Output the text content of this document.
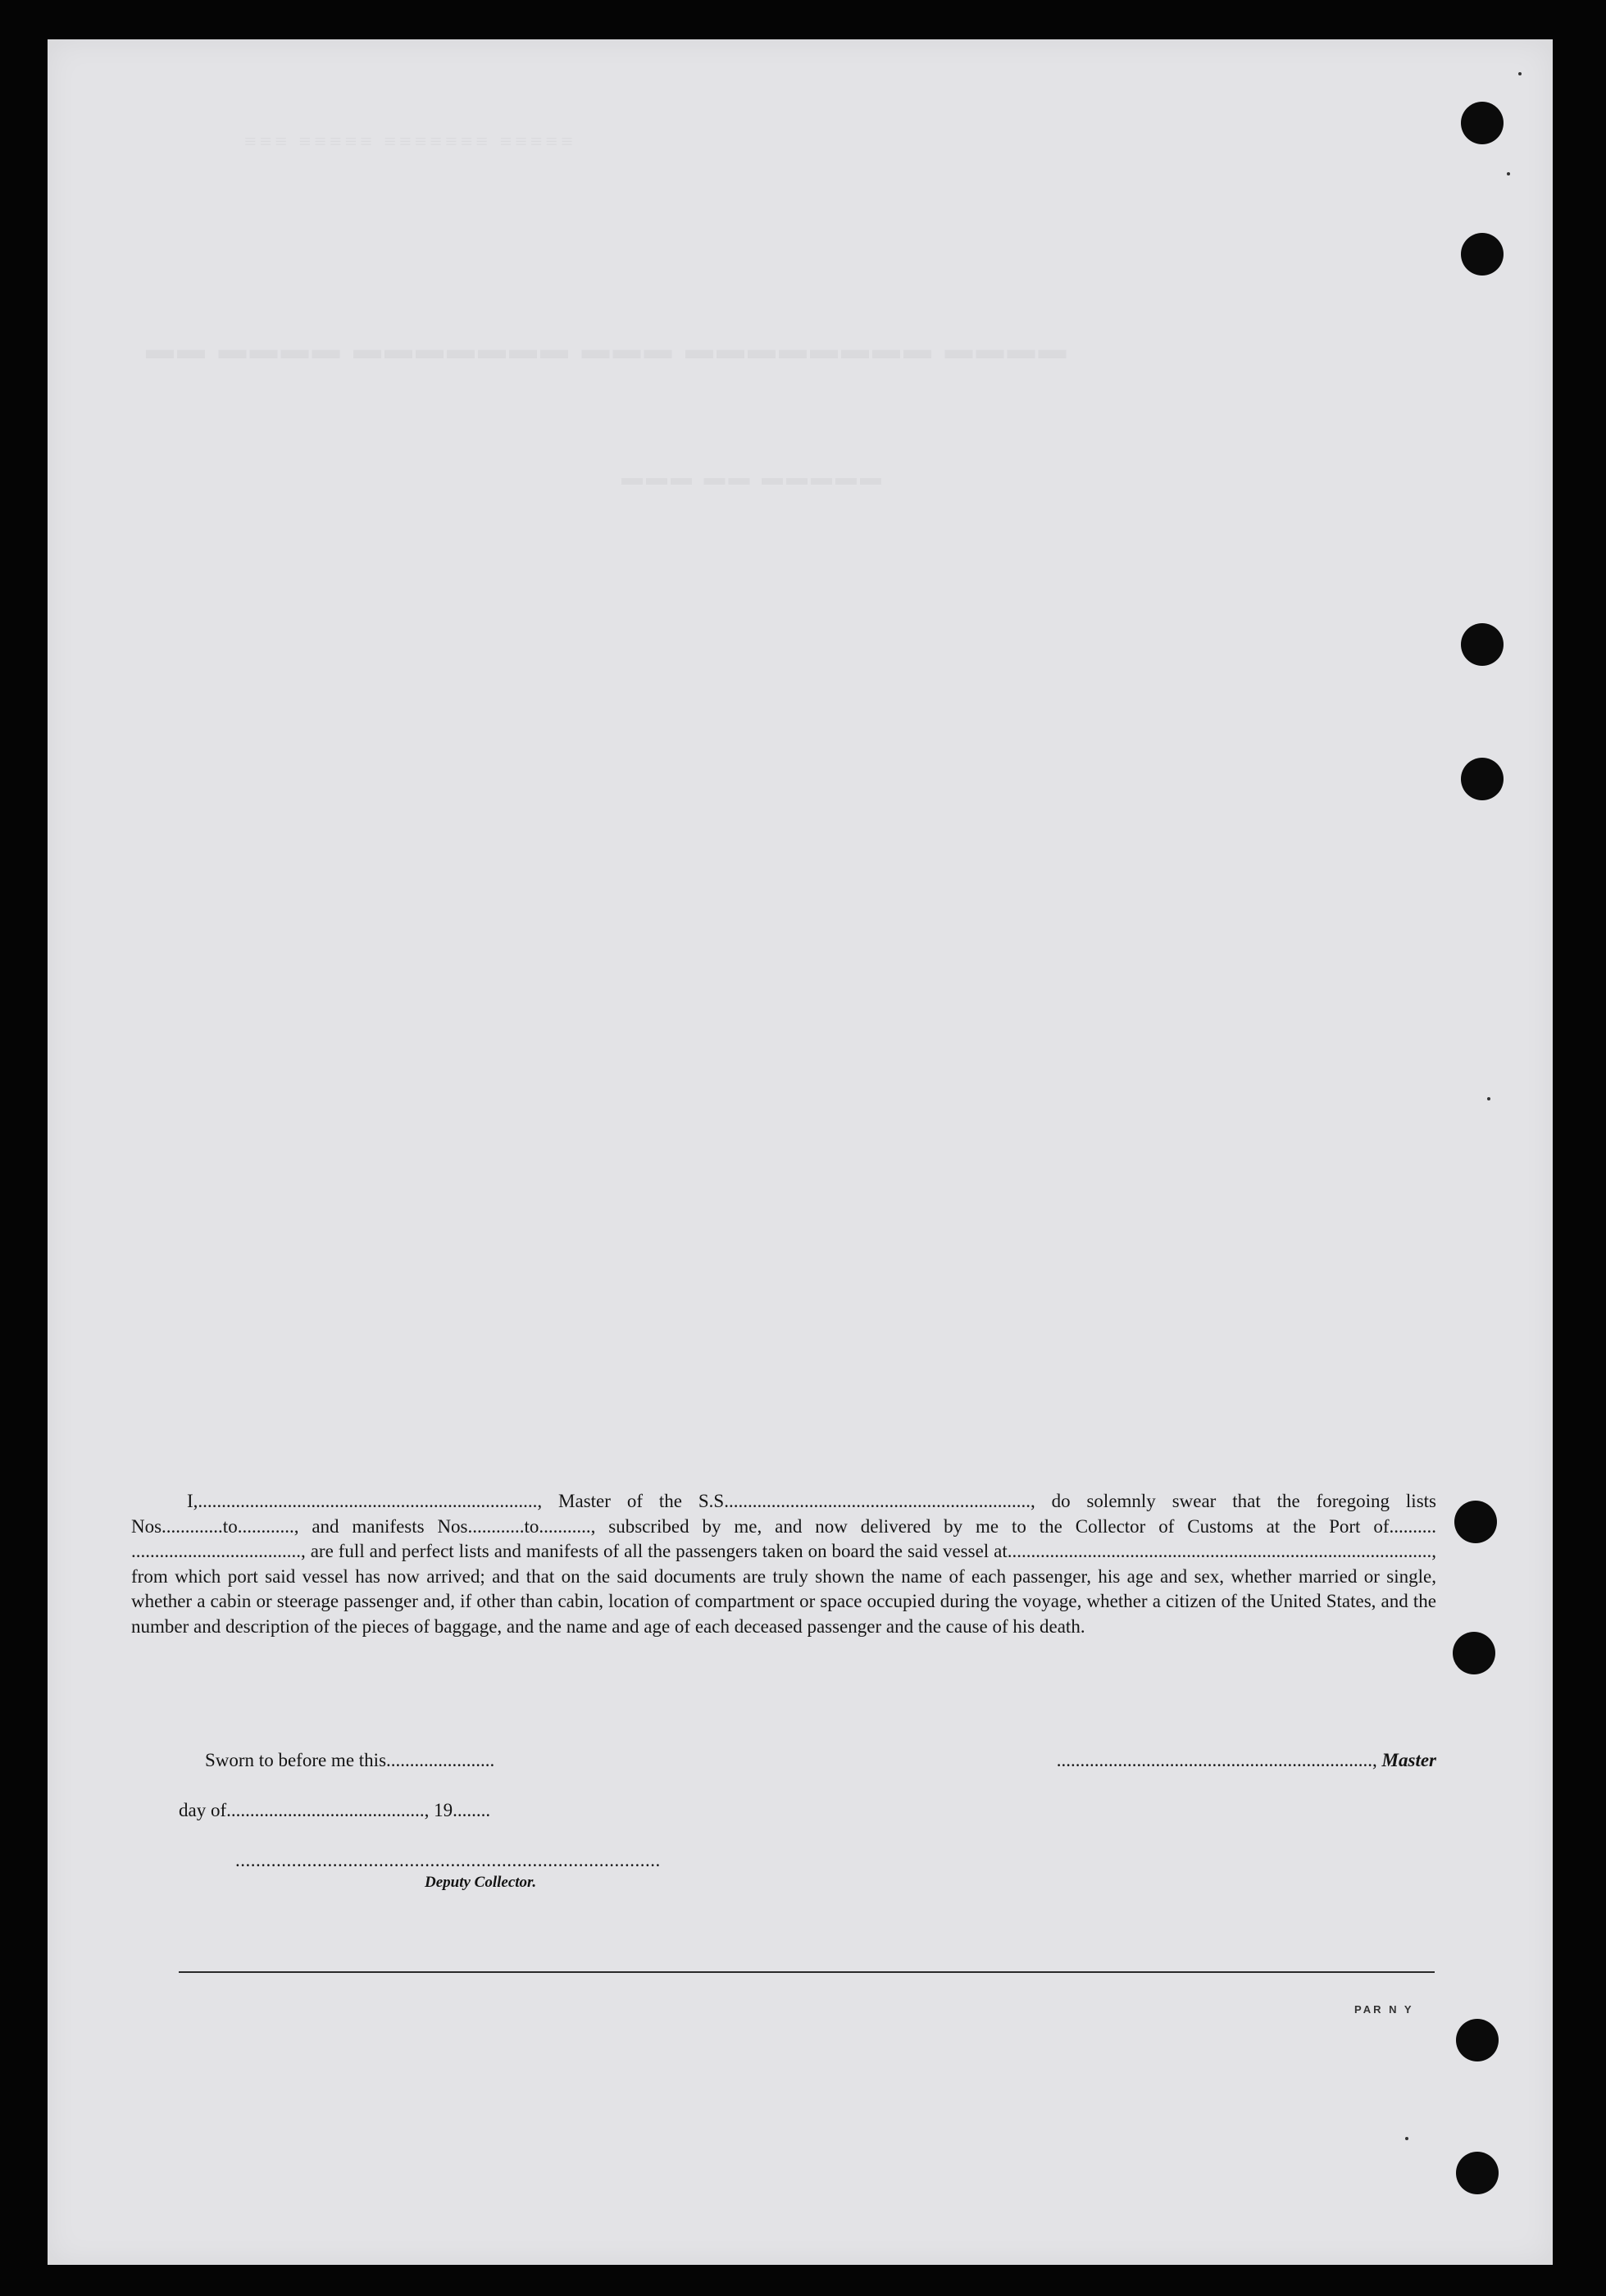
≡≡≡ ≡≡≡≡≡ ≡≡≡≡≡≡≡ ≡≡≡≡≡
▬▬ ▬▬▬▬ ▬▬▬▬▬▬▬ ▬▬▬ ▬▬▬▬▬▬▬▬ ▬▬▬▬
▬▬▬ ▬▬ ▬▬▬▬▬

I,........................................................................, Master of the S.S................................................................., do solemnly swear that the foregoing lists Nos.............to............, and manifests Nos............to..........., subscribed by me, and now delivered by me to the Collector of Customs at the Port of.......... ...................................., are full and perfect lists and manifests of all the passengers taken on board the said vessel at.........................................................................................., from which port said vessel has now arrived; and that on the said documents are truly shown the name of each passenger, his age and sex, whether married or single, whether a cabin or steerage passenger and, if other than cabin, location of compartment or space occupied during the voyage, whether a citizen of the United States, and the number and description of the pieces of baggage, and the name and age of each deceased passenger and the cause of his death.

Sworn to before me this.......................	..................................................................., Master
day of.........................................., 19........
...................................................................................
Deputy Collector.
PAR N Y
